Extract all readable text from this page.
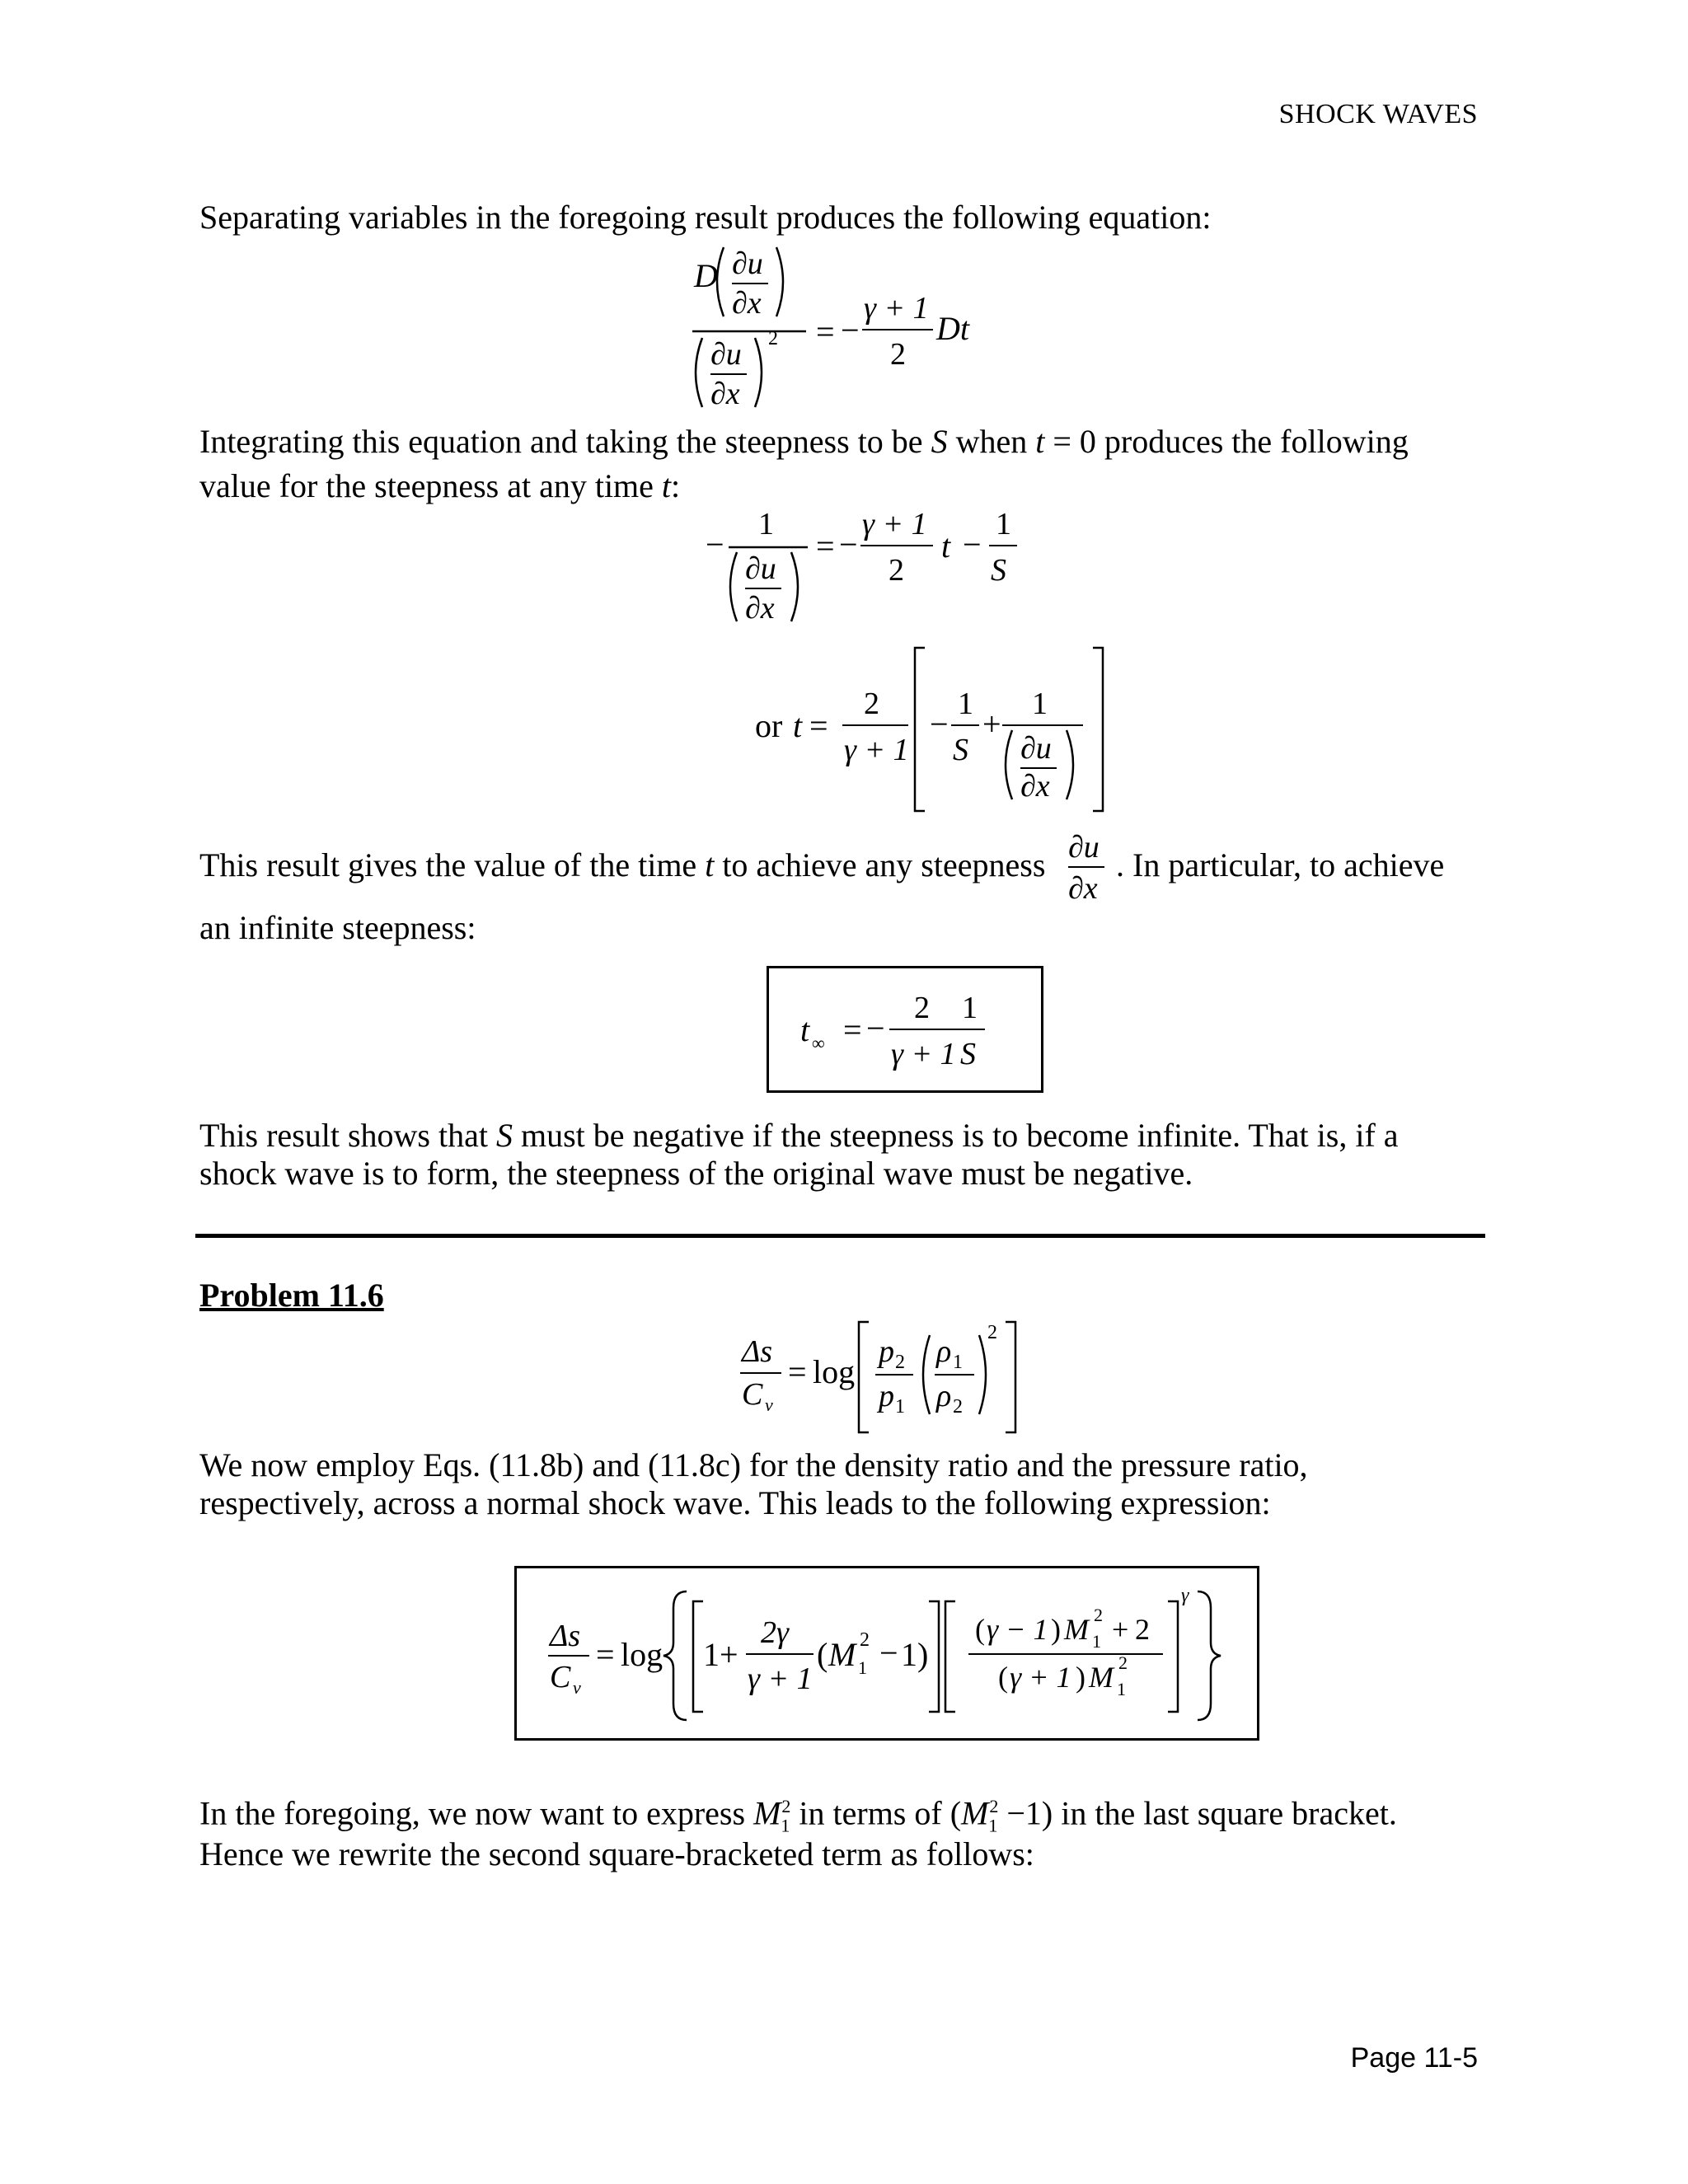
SHOCK WAVES
Separating variables in the foregoing result produces the following equation:
D ∂u
∂x
∂u
∂x
2 = −
γ + 1
2
Dt
Integrating this equation and taking the steepness to be S when t = 0 produces the following
value for the steepness at any time t:
−
1
∂u
∂x
= −
γ + 1
2
t −
1
S
or t =
2
γ + 1
−
1
S
+
1
∂u
∂x
This result gives the value of the time t to achieve any steepness ∂u
∂x
. In particular, to achieve
an infinite steepness:
t ∞ = −
2
γ + 1
1
S
This result shows that S must be negative if the steepness is to become infinite. That is, if a
shock wave is to form, the steepness of the original wave must be negative.
Problem 11.6
Δs
C v
= log
p 2
p 1
ρ 1
ρ 2
2
We now employ Eqs. (11.8b) and (11.8c) for the density ratio and the pressure ratio,
respectively, across a normal shock wave. This leads to the following expression:
Δs
C v
= log 1 +
2γ
γ + 1
( M 1
2 − 1 )
( γ − 1 ) M 1
2 + 2
( γ + 1 ) M 1
2
γ
In the foregoing, we now want to express $M_1^2$ in terms of $(M_1^2 -1)$ in the last square bracket.
Hence we rewrite the second square-bracketed term as follows:
Page 11-5
